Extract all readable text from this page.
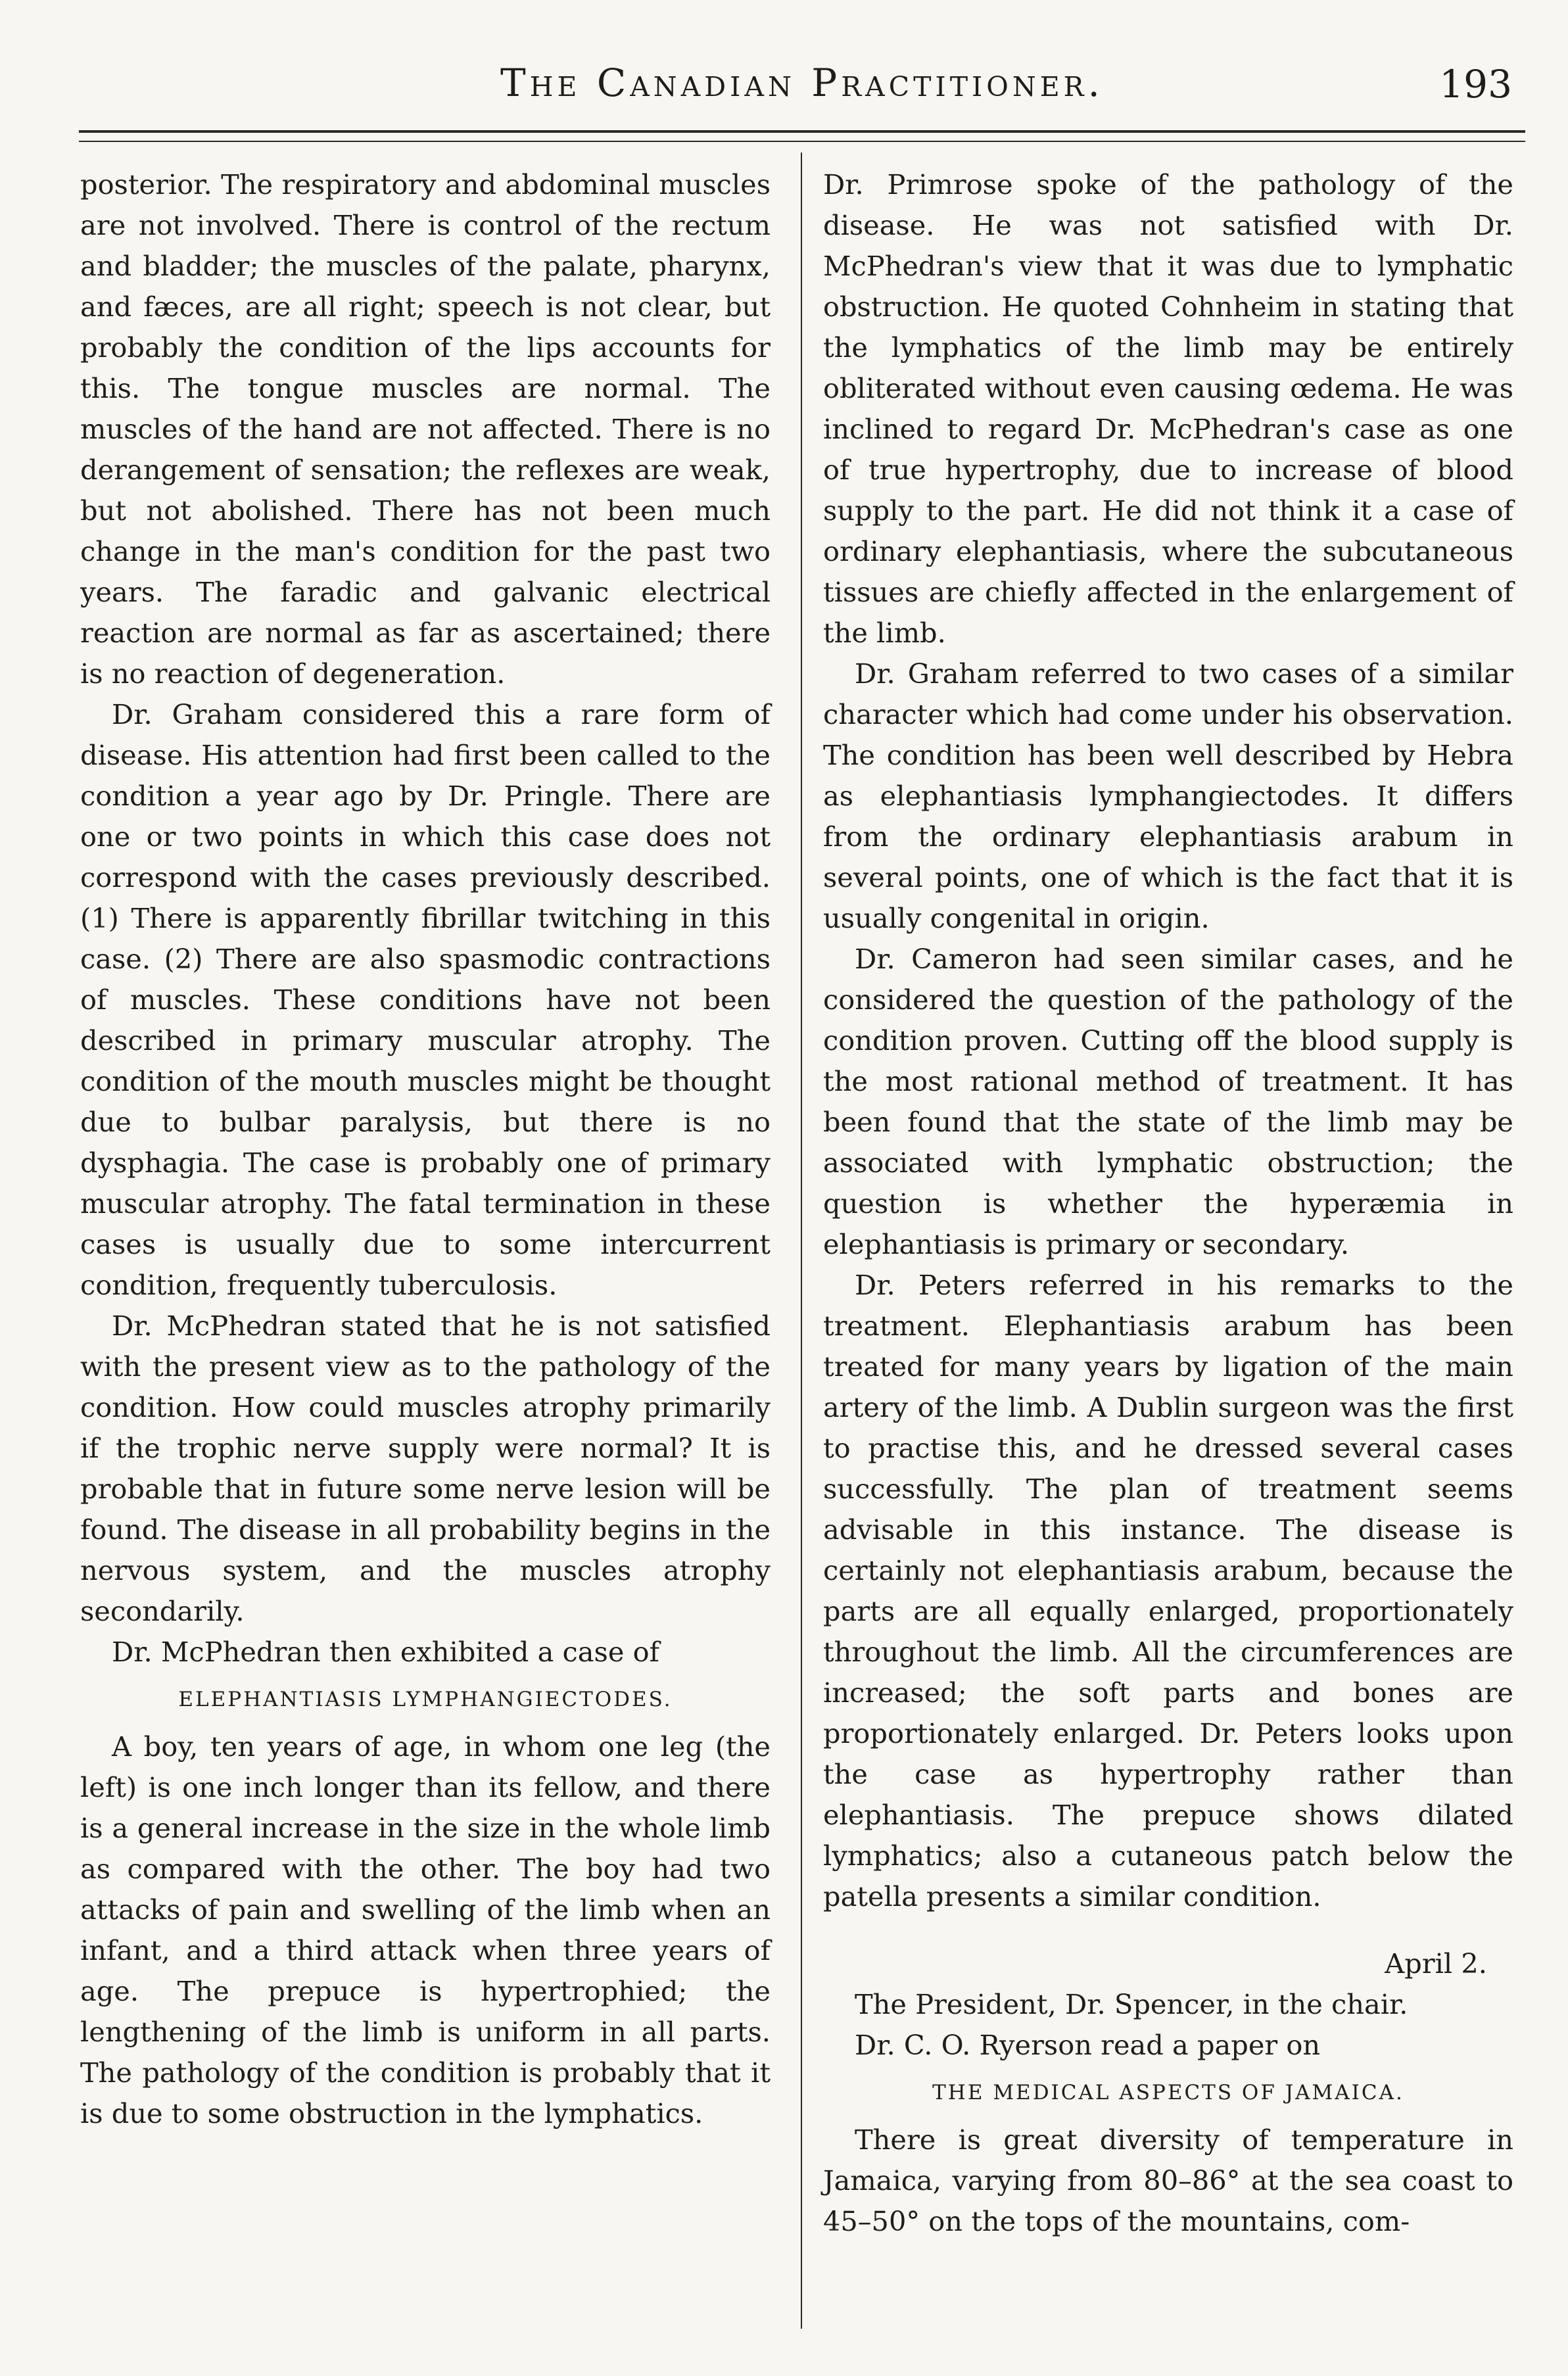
The Canadian Practitioner.	193

posterior. The respiratory and abdominal muscles are not involved. There is control of the rectum and bladder; the muscles of the palate, pharynx, and fæces, are all right; speech is not clear, but probably the condition of the lips accounts for this. The tongue muscles are normal. The muscles of the hand are not affected. There is no derangement of sensation; the reflexes are weak, but not abolished. There has not been much change in the man's condition for the past two years. The faradic and galvanic electrical reaction are normal as far as ascertained; there is no reaction of degeneration.

Dr. Graham considered this a rare form of disease. His attention had first been called to the condition a year ago by Dr. Pringle. There are one or two points in which this case does not correspond with the cases previously described. (1) There is apparently fibrillar twitching in this case. (2) There are also spasmodic contractions of muscles. These conditions have not been described in primary muscular atrophy. The condition of the mouth muscles might be thought due to bulbar paralysis, but there is no dysphagia. The case is probably one of primary muscular atrophy. The fatal termination in these cases is usually due to some intercurrent condition, frequently tuberculosis.

Dr. McPhedran stated that he is not satisfied with the present view as to the pathology of the condition. How could muscles atrophy primarily if the trophic nerve supply were normal? It is probable that in future some nerve lesion will be found. The disease in all probability begins in the nervous system, and the muscles atrophy secondarily.

Dr. McPhedran then exhibited a case of

ELEPHANTIASIS LYMPHANGIECTODES.

A boy, ten years of age, in whom one leg (the left) is one inch longer than its fellow, and there is a general increase in the size in the whole limb as compared with the other. The boy had two attacks of pain and swelling of the limb when an infant, and a third attack when three years of age. The prepuce is hypertrophied; the lengthening of the limb is uniform in all parts. The pathology of the condition is probably that it is due to some obstruction in the lymphatics.

Dr. Primrose spoke of the pathology of the disease. He was not satisfied with Dr. McPhedran's view that it was due to lymphatic obstruction. He quoted Cohnheim in stating that the lymphatics of the limb may be entirely obliterated without even causing œdema. He was inclined to regard Dr. McPhedran's case as one of true hypertrophy, due to increase of blood supply to the part. He did not think it a case of ordinary elephantiasis, where the subcutaneous tissues are chiefly affected in the enlargement of the limb.

Dr. Graham referred to two cases of a similar character which had come under his observation. The condition has been well described by Hebra as elephantiasis lymphangiectodes. It differs from the ordinary elephantiasis arabum in several points, one of which is the fact that it is usually congenital in origin.

Dr. Cameron had seen similar cases, and he considered the question of the pathology of the condition proven. Cutting off the blood supply is the most rational method of treatment. It has been found that the state of the limb may be associated with lymphatic obstruction; the question is whether the hyperæmia in elephantiasis is primary or secondary.

Dr. Peters referred in his remarks to the treatment. Elephantiasis arabum has been treated for many years by ligation of the main artery of the limb. A Dublin surgeon was the first to practise this, and he dressed several cases successfully. The plan of treatment seems advisable in this instance. The disease is certainly not elephantiasis arabum, because the parts are all equally enlarged, proportionately throughout the limb. All the circumferences are increased; the soft parts and bones are proportionately enlarged. Dr. Peters looks upon the case as hypertrophy rather than elephantiasis. The prepuce shows dilated lymphatics; also a cutaneous patch below the patella presents a similar condition.

April 2.

The President, Dr. Spencer, in the chair.

Dr. C. O. Ryerson read a paper on

THE MEDICAL ASPECTS OF JAMAICA.

There is great diversity of temperature in Jamaica, varying from 80–86° at the sea coast to 45–50° on the tops of the mountains, com-
